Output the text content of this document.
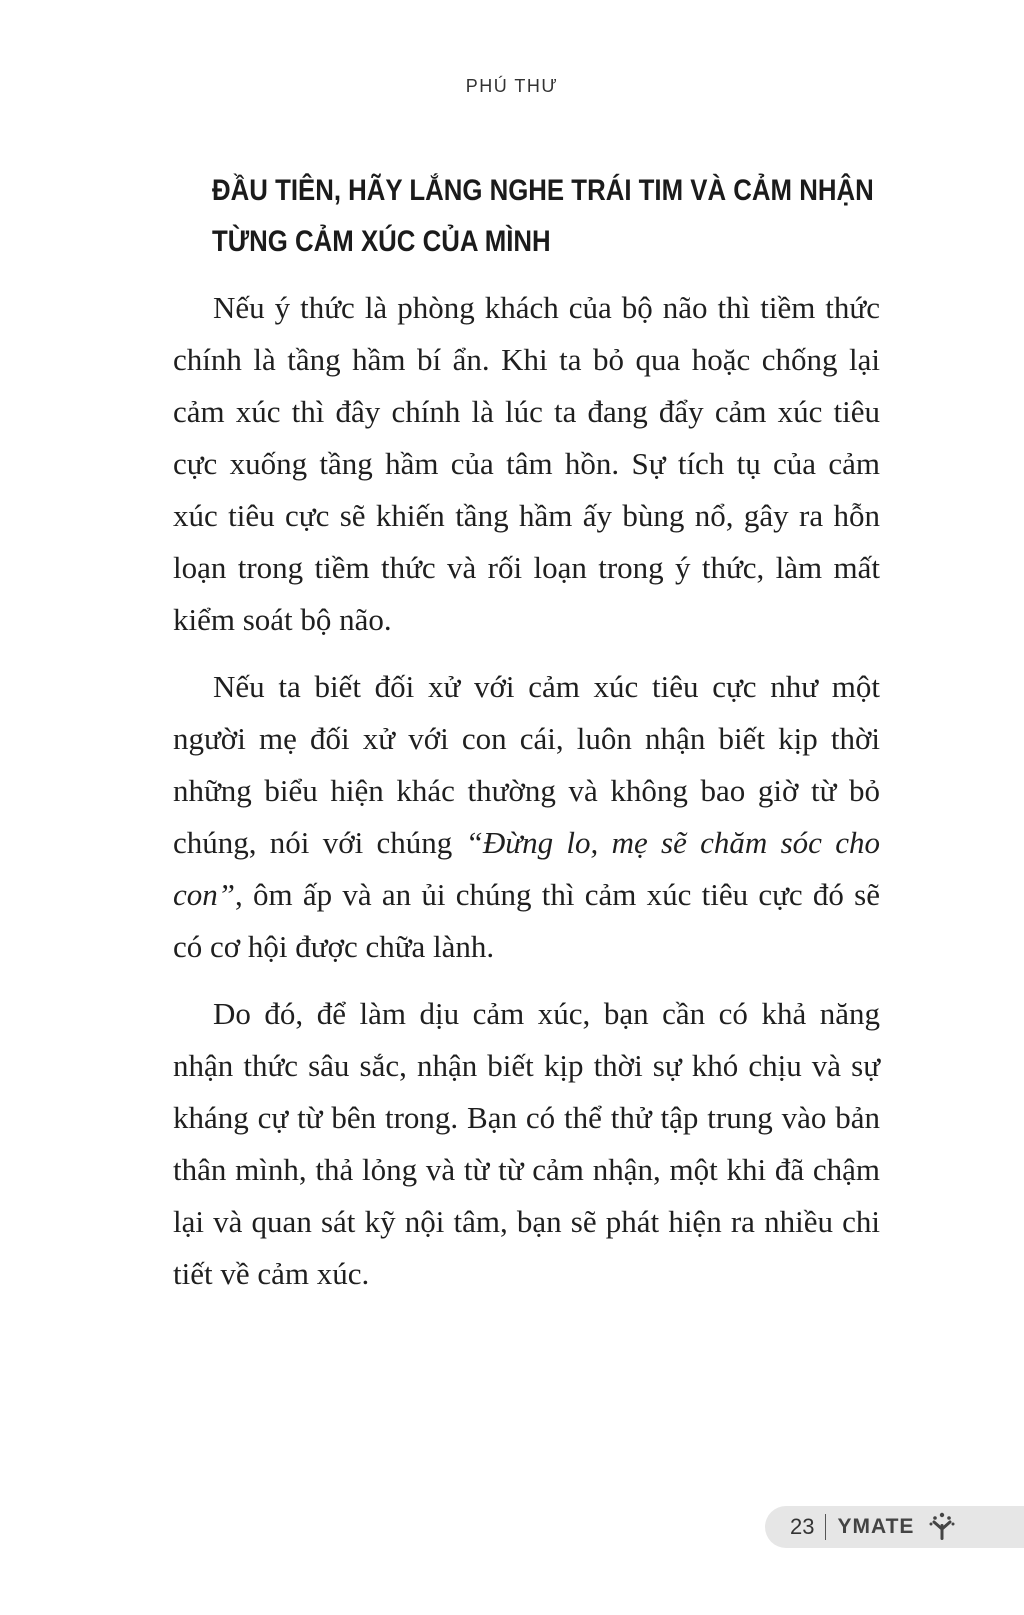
PHÚ THƯ
ĐẦU TIÊN, HÃY LẮNG NGHE TRÁI TIM VÀ CẢM NHẬN
TỪNG CẢM XÚC CỦA MÌNH

Nếu ý thức là phòng khách của bộ não thì tiềm thức chính là tầng hầm bí ẩn. Khi ta bỏ qua hoặc chống lại cảm xúc thì đây chính là lúc ta đang đẩy cảm xúc tiêu cực xuống tầng hầm của tâm hồn. Sự tích tụ của cảm xúc tiêu cực sẽ khiến tầng hầm ấy bùng nổ, gây ra hỗn loạn trong tiềm thức và rối loạn trong ý thức, làm mất kiểm soát bộ não.

Nếu ta biết đối xử với cảm xúc tiêu cực như một người mẹ đối xử với con cái, luôn nhận biết kịp thời những biểu hiện khác thường và không bao giờ từ bỏ chúng, nói với chúng “Đừng lo, mẹ sẽ chăm sóc cho con”, ôm ấp và an ủi chúng thì cảm xúc tiêu cực đó sẽ có cơ hội được chữa lành.

Do đó, để làm dịu cảm xúc, bạn cần có khả năng nhận thức sâu sắc, nhận biết kịp thời sự khó chịu và sự kháng cự từ bên trong. Bạn có thể thử tập trung vào bản thân mình, thả lỏng và từ từ cảm nhận, một khi đã chậm lại và quan sát kỹ nội tâm, bạn sẽ phát hiện ra nhiều chi tiết về cảm xúc.

23 YMATE
